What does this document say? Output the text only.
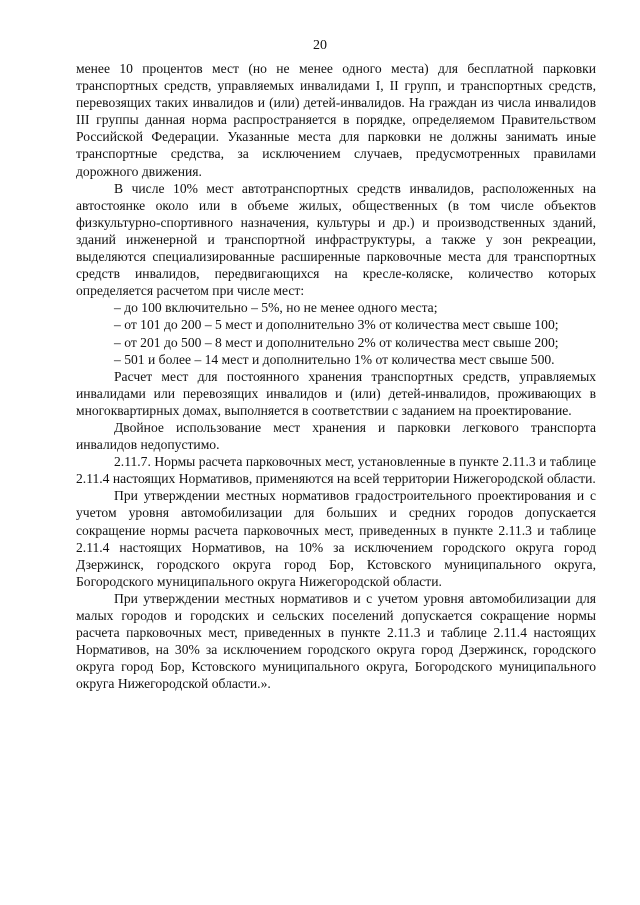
20

менее 10 процентов мест (но не менее одного места) для бесплатной парковки транспортных средств, управляемых инвалидами I, II групп, и транспортных средств, перевозящих таких инвалидов и (или) детей-инвалидов. На граждан из числа инвалидов III группы данная норма распространяется в порядке, определяемом Правительством Российской Федерации. Указанные места для парковки не должны занимать иные транспортные средства, за исключением случаев, предусмотренных правилами дорожного движения.

В числе 10% мест автотранспортных средств инвалидов, расположенных на автостоянке около или в объеме жилых, общественных (в том числе объектов физкультурно-спортивного назначения, культуры и др.) и производственных зданий, зданий инженерной и транспортной инфраструктуры, а также у зон рекреации, выделяются специализированные расширенные парковочные места для транспортных средств инвалидов, передвигающихся на кресле-коляске, количество которых определяется расчетом при числе мест:

– до 100 включительно – 5%, но не менее одного места;

– от 101 до 200 – 5 мест и дополнительно 3% от количества мест свыше 100;

– от 201 до 500 – 8 мест и дополнительно 2% от количества мест свыше 200;

– 501 и более – 14 мест и дополнительно 1% от количества мест свыше 500.

Расчет мест для постоянного хранения транспортных средств, управляемых инвалидами или перевозящих инвалидов и (или) детей-инвалидов, проживающих в многоквартирных домах, выполняется в соответствии с заданием на проектирование.

Двойное использование мест хранения и парковки легкового транспорта инвалидов недопустимо.

2.11.7. Нормы расчета парковочных мест, установленные в пункте 2.11.3 и таблице 2.11.4 настоящих Нормативов, применяются на всей территории Нижегородской области.

При утверждении местных нормативов градостроительного проектирования и с учетом уровня автомобилизации для больших и средних городов допускается сокращение нормы расчета парковочных мест, приведенных в пункте 2.11.3 и таблице 2.11.4 настоящих Нормативов, на 10% за исключением городского округа город Дзержинск, городского округа город Бор, Кстовского муниципального округа, Богородского муниципального округа Нижегородской области.

При утверждении местных нормативов и с учетом уровня автомобилизации для малых городов и городских и сельских поселений допускается сокращение нормы расчета парковочных мест, приведенных в пункте 2.11.3 и таблице 2.11.4 настоящих Нормативов, на 30% за исключением городского округа город Дзержинск, городского округа город Бор, Кстовского муниципального округа, Богородского муниципального округа Нижегородской области.».
